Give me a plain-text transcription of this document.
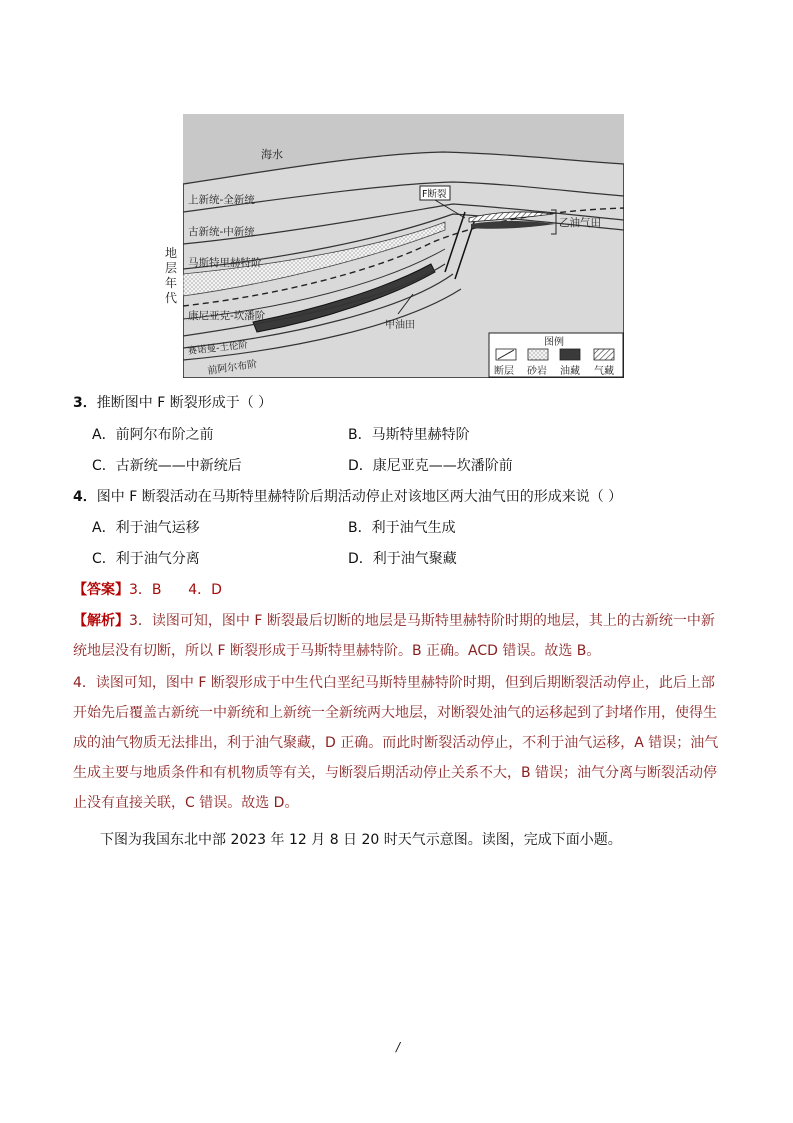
海水
上新统-全新统
古新统-中新统
马斯特里赫特阶
康尼亚克-坎潘阶
赛诺曼-土伦阶
前阿尔布阶
F断裂
乙油气田
甲油田
图例
断层 砂岩 油藏 气藏
地层年代
3．推断图中 F 断裂形成于（ ）
A．前阿尔布阶之前	B．马斯特里赫特阶
C．古新统——中新统后	D．康尼亚克——坎潘阶前
4．图中 F 断裂活动在马斯特里赫特阶后期活动停止对该地区两大油气田的形成来说（ ）
A．利于油气运移	B．利于油气生成
C．利于油气分离	D．利于油气聚藏
【答案】3．B      4．D
【解析】3．读图可知，图中 F 断裂最后切断的地层是马斯特里赫特阶时期的地层，其上的古新统一中新统地层没有切断，所以 F 断裂形成于马斯特里赫特阶。B 正确。ACD 错误。故选 B。
4．读图可知，图中 F 断裂形成于中生代白垩纪马斯特里赫特阶时期，但到后期断裂活动停止，此后上部开始先后覆盖古新统一中新统和上新统一全新统两大地层，对断裂处油气的运移起到了封堵作用，使得生成的油气物质无法排出，利于油气聚藏，D 正确。而此时断裂活动停止，不利于油气运移，A 错误；油气生成主要与地质条件和有机物质等有关，与断裂后期活动停止关系不大，B 错误；油气分离与断裂活动停止没有直接关联，C 错误。故选 D。
下图为我国东北中部 2023 年 12 月 8 日 20 时天气示意图。读图，完成下面小题。
/
